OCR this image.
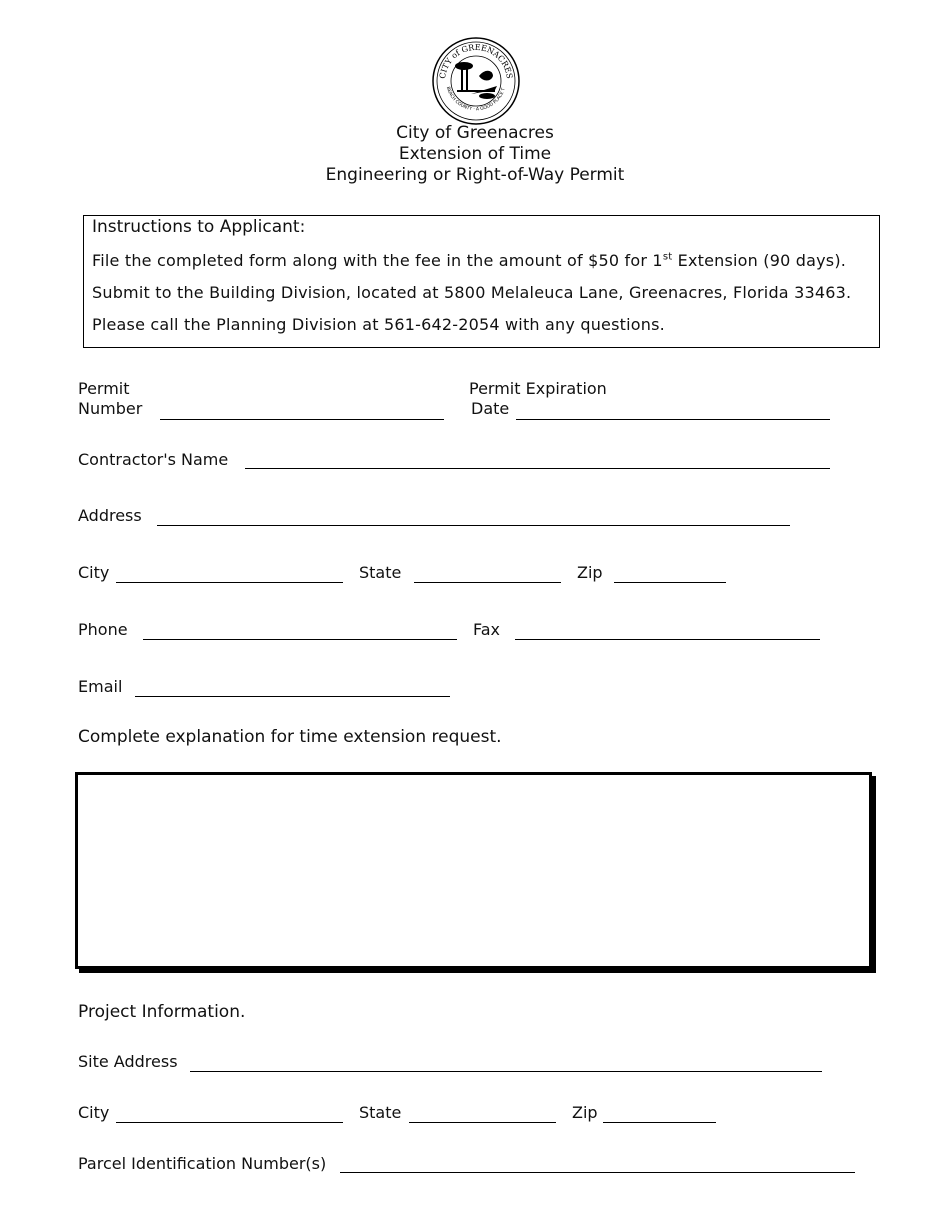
CITY of GREENACRES
BEACH COUNTY · A GOOD PLACE T
City of Greenacres
Extension of Time
Engineering or Right-of-Way Permit
Instructions to Applicant:
File the completed form along with the fee in the amount of $50 for 1st Extension (90 days).
Submit to the Building Division, located at 5800 Melaleuca Lane, Greenacres, Florida 33463.
Please call the Planning Division at 561-642-2054 with any questions.
Permit
Number
Permit Expiration
Date
Contractor's Name
Address
City	State	Zip
Phone	Fax
Email
Complete explanation for time extension request.
Project Information.
Site Address
City	State	Zip
Parcel Identification Number(s)
